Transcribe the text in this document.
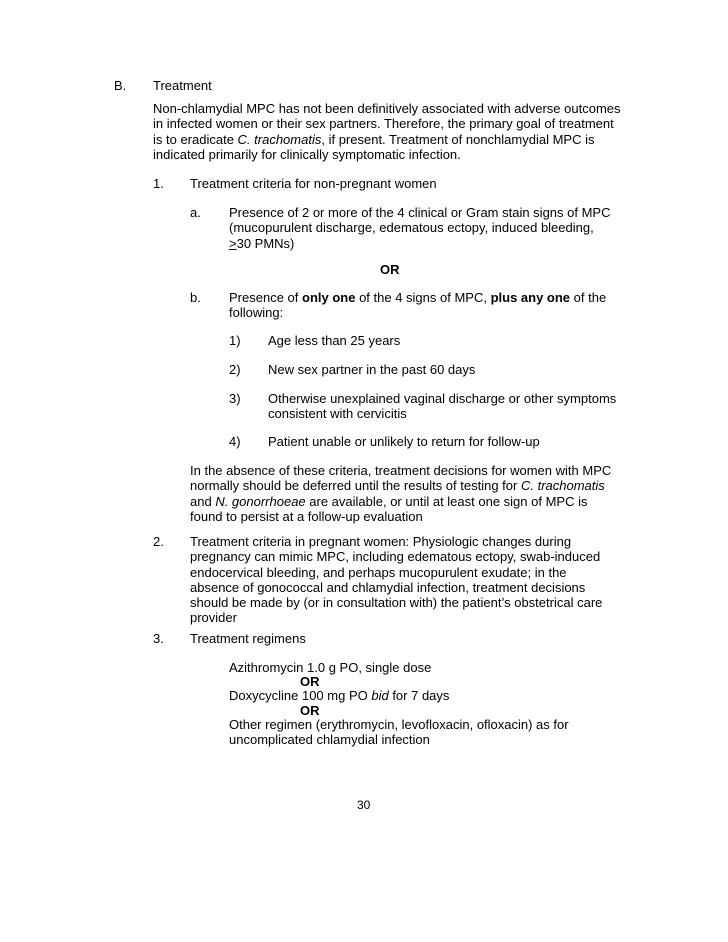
B. Treatment
Non-chlamydial MPC has not been definitively associated with adverse outcomes
in infected women or their sex partners. Therefore, the primary goal of treatment
is to eradicate C. trachomatis, if present. Treatment of nonchlamydial MPC is
indicated primarily for clinically symptomatic infection.
1. Treatment criteria for non-pregnant women
a. Presence of 2 or more of the 4 clinical or Gram stain signs of MPC
(mucopurulent discharge, edematous ectopy, induced bleeding,
>30 PMNs)
OR
b. Presence of only one of the 4 signs of MPC, plus any one of the
following:
1) Age less than 25 years
2) New sex partner in the past 60 days
3) Otherwise unexplained vaginal discharge or other symptoms
consistent with cervicitis
4) Patient unable or unlikely to return for follow-up
In the absence of these criteria, treatment decisions for women with MPC
normally should be deferred until the results of testing for C. trachomatis
and N. gonorrhoeae are available, or until at least one sign of MPC is
found to persist at a follow-up evaluation
2. Treatment criteria in pregnant women: Physiologic changes during
pregnancy can mimic MPC, including edematous ectopy, swab-induced
endocervical bleeding, and perhaps mucopurulent exudate; in the
absence of gonococcal and chlamydial infection, treatment decisions
should be made by (or in consultation with) the patient’s obstetrical care
provider
3. Treatment regimens
Azithromycin 1.0 g PO, single dose
OR
Doxycycline 100 mg PO bid for 7 days
OR
Other regimen (erythromycin, levofloxacin, ofloxacin) as for
uncomplicated chlamydial infection
30
